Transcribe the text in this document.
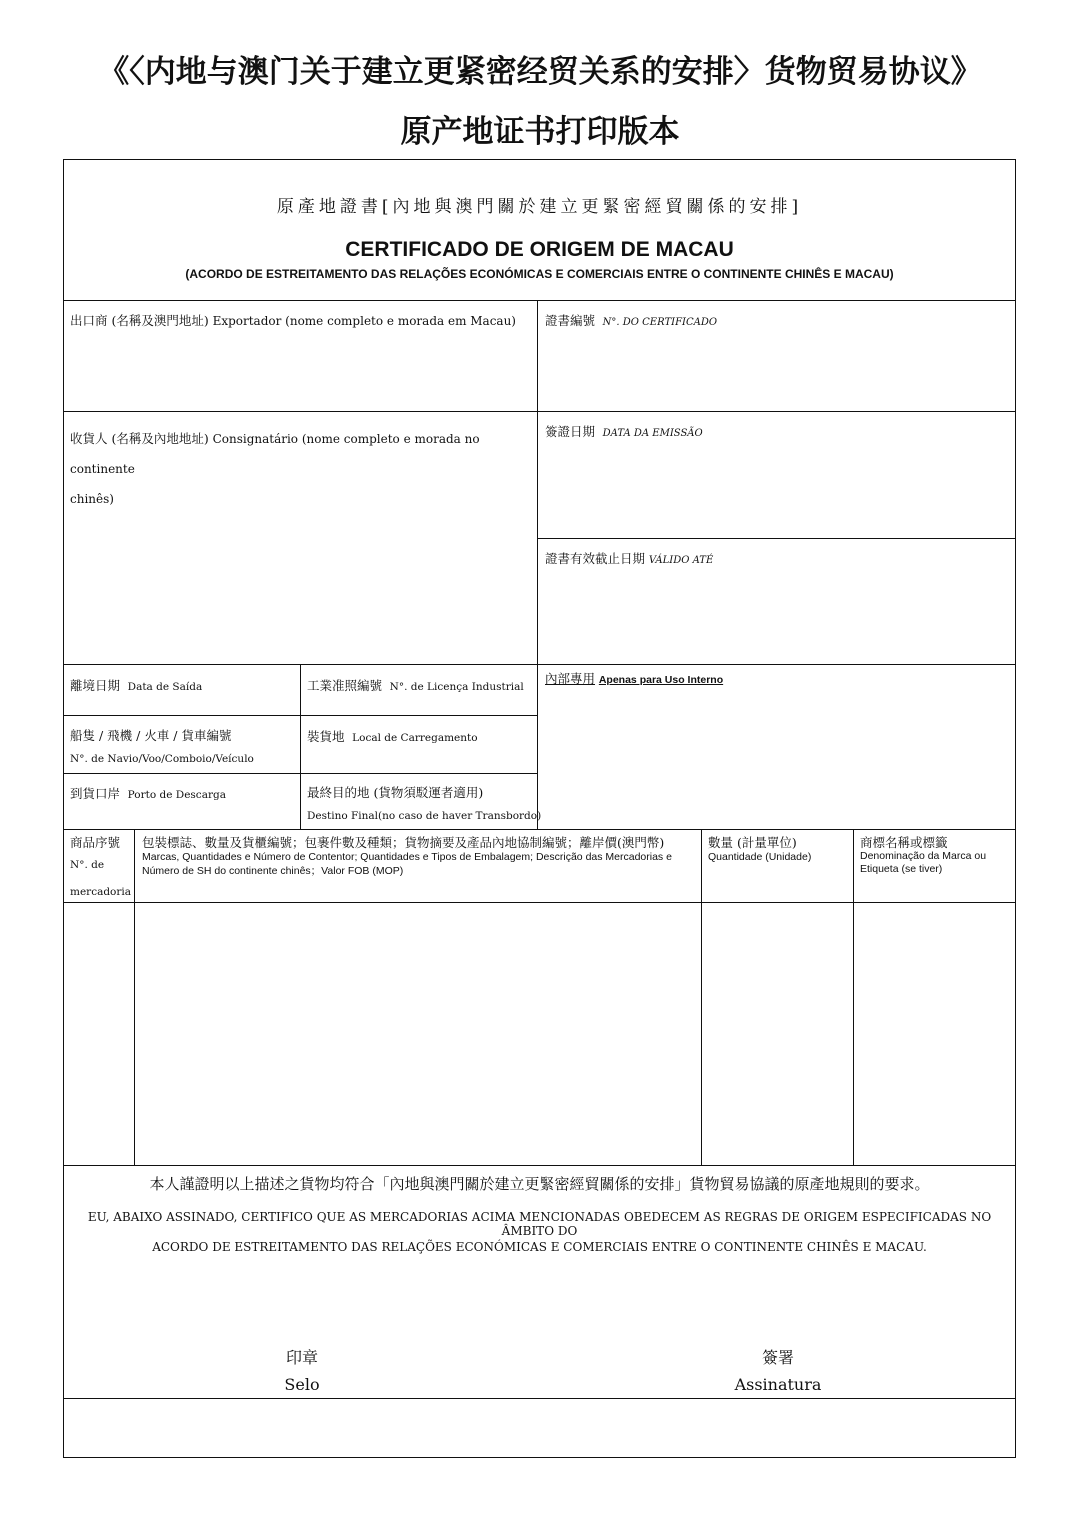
《〈内地与澳门关于建立更紧密经贸关系的安排〉货物贸易协议》
原产地证书打印版本
原產地證書[內地與澳門關於建立更緊密經貿關係的安排]
CERTIFICADO DE ORIGEM DE MACAU
(ACORDO DE ESTREITAMENTO DAS RELAÇÕES ECONÓMICAS E COMERCIAIS ENTRE O CONTINENTE CHINÊS E MACAU)
出口商 (名稱及澳門地址) Exportador (nome completo e morada em Macau) 證書編號 N°. DO CERTIFICADO
收貨人 (名稱及內地地址) Consignatário (nome completo e morada no continente
chinês)
簽證日期 DATA DA EMISSÃO
證書有效截止日期 VÁLIDO ATÉ
離境日期 Data de Saída	工業准照編號 N°. de Licença Industrial
內部專用 Apenas para Uso Interno
船隻 / 飛機 / 火車 / 貨車編號
N°. de Navio/Voo/Comboio/Veículo
裝貨地 Local de Carregamento
到貨口岸 Porto de Descarga	最終目的地 (貨物須駁運者適用)
Destino Final(no caso de haver Transbordo)
商品序號
N°. de
mercadoria
包裝標誌、數量及貨櫃編號；包裹件數及種類；貨物摘要及產品內地協制編號；離岸價(澳門幣)
Marcas, Quantidades e Número de Contentor; Quantidades e Tipos de Embalagem; Descrição das Mercadorias e
Número de SH do continente chinês；Valor FOB (MOP)
數量 (計量單位)
Quantidade (Unidade)
商標名稱或標籤
Denominação da Marca ou
Etiqueta (se tiver)
本人謹證明以上描述之貨物均符合「內地與澳門關於建立更緊密經貿關係的安排」貨物貿易協議的原產地規則的要求。
EU, ABAIXO ASSINADO, CERTIFICO QUE AS MERCADORIAS ACIMA MENCIONADAS OBEDECEM AS REGRAS DE ORIGEM ESPECIFICADAS NO ÂMBITO DO
ACORDO DE ESTREITAMENTO DAS RELAÇÕES ECONÓMICAS E COMERCIAIS ENTRE O CONTINENTE CHINÊS E MACAU.
印章
Selo
簽署
Assinatura
